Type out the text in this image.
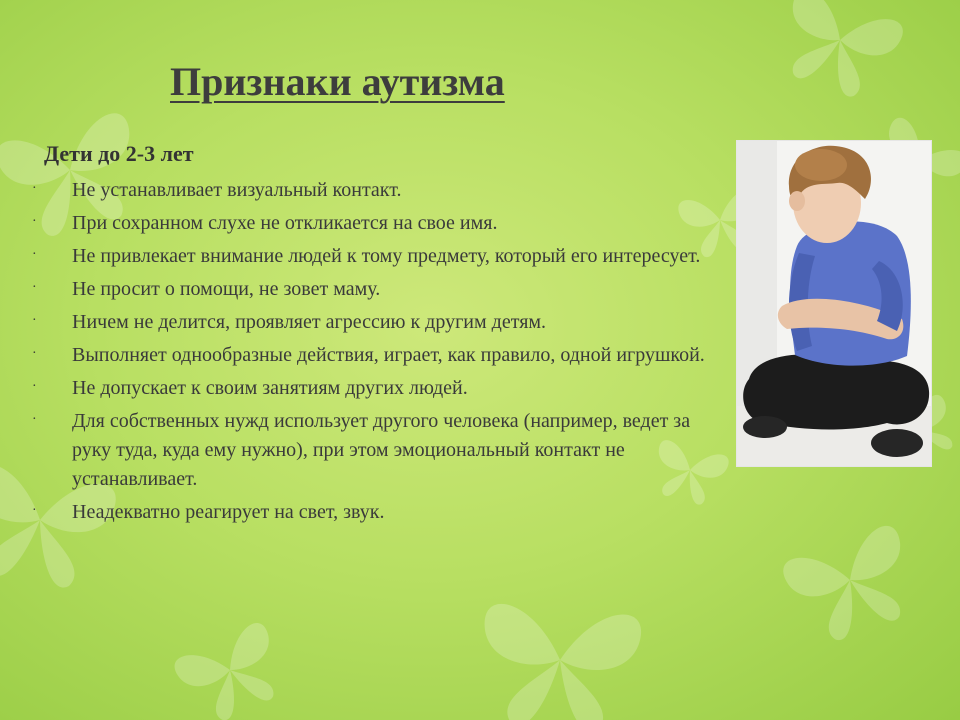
Признаки аутизма
Дети до 2-3 лет
· Не устанавливает визуальный контакт.
· При сохранном слухе не откликается на свое имя.
· Не привлекает внимание людей к тому предмету, который его интересует.
· Не просит о помощи, не зовет маму.
· Ничем не делится, проявляет агрессию к другим детям.
· Выполняет однообразные действия, играет, как правило, одной игрушкой.
· Не допускает к своим занятиям других людей.
· Для собственных нужд использует другого человека (например, ведет за руку туда, куда ему нужно), при этом эмоциональный контакт не устанавливает.
· Неадекватно реагирует на свет, звук.
